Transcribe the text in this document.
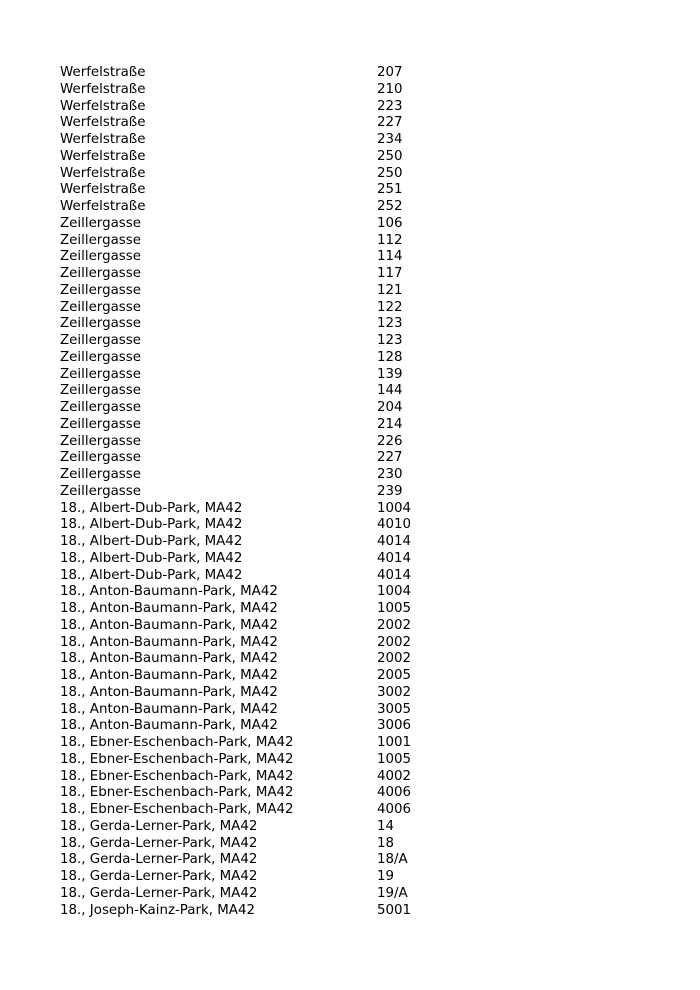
Werfelstraße	207
Werfelstraße	210
Werfelstraße	223
Werfelstraße	227
Werfelstraße	234
Werfelstraße	250
Werfelstraße	250
Werfelstraße	251
Werfelstraße	252
Zeillergasse	106
Zeillergasse	112
Zeillergasse	114
Zeillergasse	117
Zeillergasse	121
Zeillergasse	122
Zeillergasse	123
Zeillergasse	123
Zeillergasse	128
Zeillergasse	139
Zeillergasse	144
Zeillergasse	204
Zeillergasse	214
Zeillergasse	226
Zeillergasse	227
Zeillergasse	230
Zeillergasse	239
18., Albert-Dub-Park, MA42	1004
18., Albert-Dub-Park, MA42	4010
18., Albert-Dub-Park, MA42	4014
18., Albert-Dub-Park, MA42	4014
18., Albert-Dub-Park, MA42	4014
18., Anton-Baumann-Park, MA42	1004
18., Anton-Baumann-Park, MA42	1005
18., Anton-Baumann-Park, MA42	2002
18., Anton-Baumann-Park, MA42	2002
18., Anton-Baumann-Park, MA42	2002
18., Anton-Baumann-Park, MA42	2005
18., Anton-Baumann-Park, MA42	3002
18., Anton-Baumann-Park, MA42	3005
18., Anton-Baumann-Park, MA42	3006
18., Ebner-Eschenbach-Park, MA42	1001
18., Ebner-Eschenbach-Park, MA42	1005
18., Ebner-Eschenbach-Park, MA42	4002
18., Ebner-Eschenbach-Park, MA42	4006
18., Ebner-Eschenbach-Park, MA42	4006
18., Gerda-Lerner-Park, MA42	14
18., Gerda-Lerner-Park, MA42	18
18., Gerda-Lerner-Park, MA42	18/A
18., Gerda-Lerner-Park, MA42	19
18., Gerda-Lerner-Park, MA42	19/A
18., Joseph-Kainz-Park, MA42	5001
